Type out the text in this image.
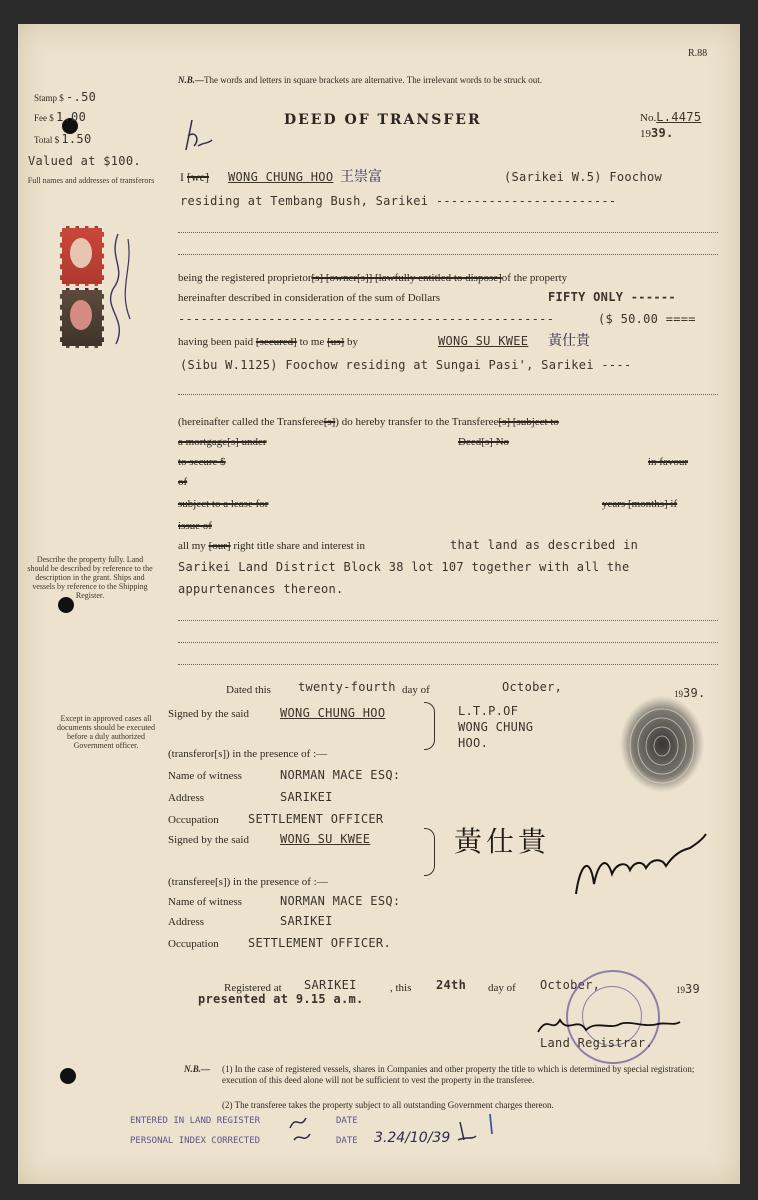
R.88
N.B.—The words and letters in square brackets are alternative. The irrelevant words to be struck out.
Stamp $ -.50
Fee $ 1.00
Total $ 1.50
Valued at $100.
DEED OF TRANSFER	No.L.4475
1939.
Full names and addresses of transferors
Describe the property fully. Land should be described by reference to the description in the grant. Ships and vessels by reference to the Shipping Register.
Except in approved cases all documents should be executed before a duly authorized Government officer.
I [we] WONG CHUNG HOO 王崇富	(Sarikei W.5) Foochow
residing at Tembang Bush, Sarikei ------------------------
being the registered proprietor[s] [owner[s]] [lawfully entitled to dispose]of the property
hereinafter described in consideration of the sum of Dollars	FIFTY ONLY ------
--------------------------------------------------	($ 50.00 ====
having been paid [secured] to me [us] by	WONG SU KWEE 黃仕貴
(Sibu W.1125) Foochow residing at Sungai Pasi', Sarikei ----
(hereinafter called the Transferee[s]) do hereby transfer to the Transferee[s] [subject to
a mortgage[s] under	Deed[s] No
to secure $	in favour
of
subject to a lease for	years [months] if
issue of
all my [our] right title share and interest in	that land as described in
Sarikei Land District Block 38 lot 107 together with all the
appurtenances thereon.
Dated this twenty-fourth day of	October,	1939.
Signed by the said	WONG CHUNG HOO	L.T.P.OF
WONG CHUNG
HOO.
(transferor[s]) in the presence of :—
Name of witness	NORMAN MACE ESQ:
Address	SARIKEI
Occupation SETTLEMENT OFFICER
Signed by the said	WONG SU KWEE	黃仕貴
(transferee[s]) in the presence of :—
Name of witness	NORMAN MACE ESQ:
Address	SARIKEI
Occupation SETTLEMENT OFFICER.
Registered at SARIKEI	, this 24th day of October,	1939
presented at 9.15 a.m.
Land Registrar.
N.B.— (1) In the case of registered vessels, shares in Companies and other property the title to which is determined by special registration; execution of this deed alone will not be sufficient to vest the property in the transferee.
(2) The transferee takes the property subject to all outstanding Government charges thereon.
ENTERED IN LAND REGISTER	DATE
PERSONAL INDEX CORRECTED	DATE 3.24/10/39
